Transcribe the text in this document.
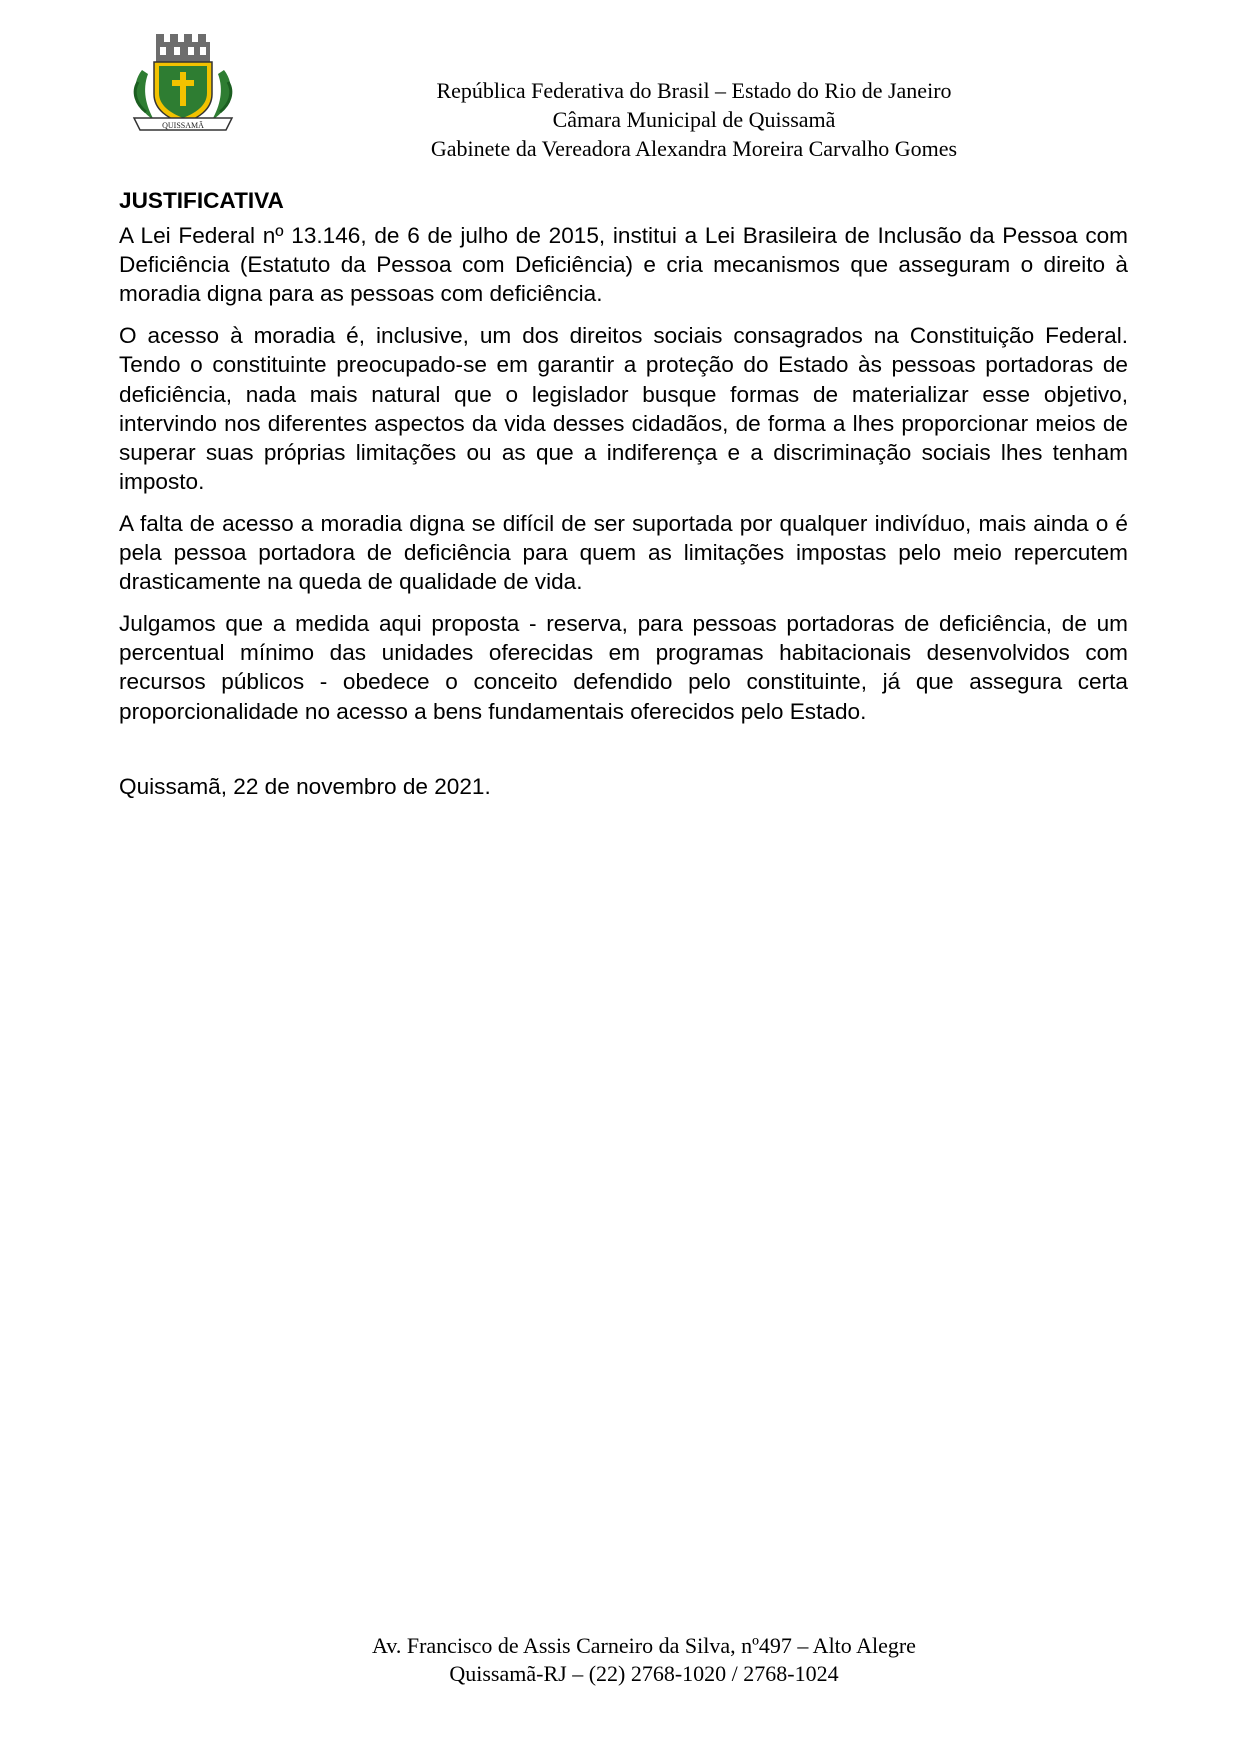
QUISSAMÃ
República Federativa do Brasil – Estado do Rio de Janeiro
Câmara Municipal de Quissamã
Gabinete da Vereadora Alexandra Moreira Carvalho Gomes
JUSTIFICATIVA

A Lei Federal nº 13.146, de 6 de julho de 2015, institui a Lei Brasileira de Inclusão da Pessoa com Deficiência (Estatuto da Pessoa com Deficiência) e cria mecanismos que asseguram o direito à moradia digna para as pessoas com deficiência.

O acesso à moradia é, inclusive, um dos direitos sociais consagrados na Constituição Federal. Tendo o constituinte preocupado-se em garantir a proteção do Estado às pessoas portadoras de deficiência, nada mais natural que o legislador busque formas de materializar esse objetivo, intervindo nos diferentes aspectos da vida desses cidadãos, de forma a lhes proporcionar meios de superar suas próprias limitações ou as que a indiferença e a discriminação sociais lhes tenham imposto.

A falta de acesso a moradia digna se difícil de ser suportada por qualquer indivíduo, mais ainda o é pela pessoa portadora de deficiência para quem as limitações impostas pelo meio repercutem drasticamente na queda de qualidade de vida.

Julgamos que a medida aqui proposta - reserva, para pessoas portadoras de deficiência, de um percentual mínimo das unidades oferecidas em programas habitacionais desenvolvidos com recursos públicos - obedece o conceito defendido pelo constituinte, já que assegura certa proporcionalidade no acesso a bens fundamentais oferecidos pelo Estado.

Quissamã, 22 de novembro de 2021.
Av. Francisco de Assis Carneiro da Silva, nº497 – Alto Alegre
Quissamã-RJ – (22) 2768-1020 / 2768-1024
